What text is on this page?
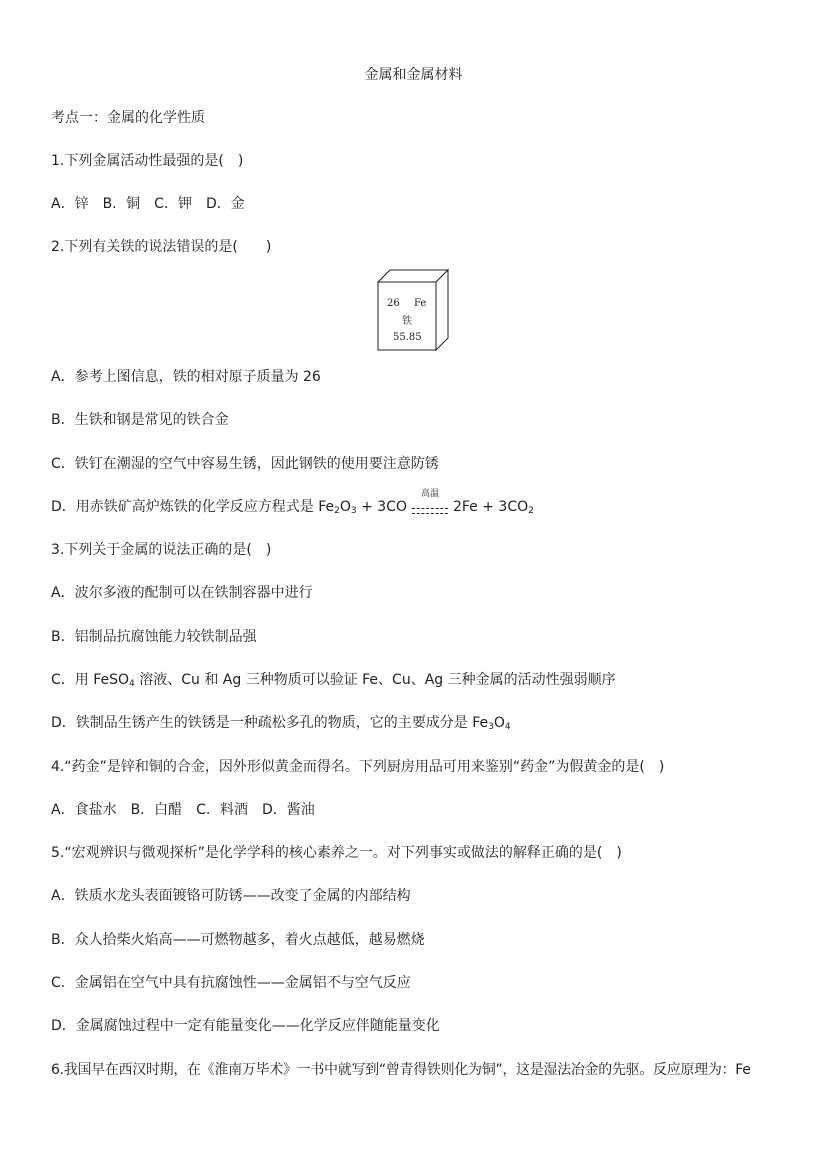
金属和金属材料
考点一：金属的化学性质
1.下列金属活动性最强的是(　)
A．锌　B．铜　C．钾　D．金
2.下列有关铁的说法错误的是(　　)
26 Fe
铁
55.85
A．参考上图信息，铁的相对原子质量为 26
B．生铁和钢是常见的铁合金
C．铁钉在潮湿的空气中容易生锈，因此钢铁的使用要注意防锈
D．用赤铁矿高炉炼铁的化学反应方程式是 $Fe_2O_3 + 3CO$
高温
$2Fe + 3CO_2$
3.下列关于金属的说法正确的是(　)
A．波尔多液的配制可以在铁制容器中进行
B．铝制品抗腐蚀能力较铁制品强
C．用 FeSO$_4$ 溶液、Cu 和 Ag 三种物质可以验证 Fe、Cu、Ag 三种金属的活动性强弱顺序
D．铁制品生锈产生的铁锈是一种疏松多孔的物质，它的主要成分是 $Fe_3O_4$
4.“药金”是锌和铜的合金，因外形似黄金而得名。下列厨房用品可用来鉴别“药金”为假黄金的是(　)
A．食盐水　B．白醋　C．料酒　D．酱油
5.“宏观辨识与微观探析”是化学学科的核心素养之一。对下列事实或做法的解释正确的是(　)
A．铁质水龙头表面镀铬可防锈——改变了金属的内部结构
B．众人拾柴火焰高——可燃物越多，着火点越低，越易燃烧
C．金属铝在空气中具有抗腐蚀性——金属铝不与空气反应
D．金属腐蚀过程中一定有能量变化——化学反应伴随能量变化
6.我国早在西汉时期，在《淮南万毕术》一书中就写到“曾青得铁则化为铜”，这是湿法冶金的先驱。反应原理为：Fe
